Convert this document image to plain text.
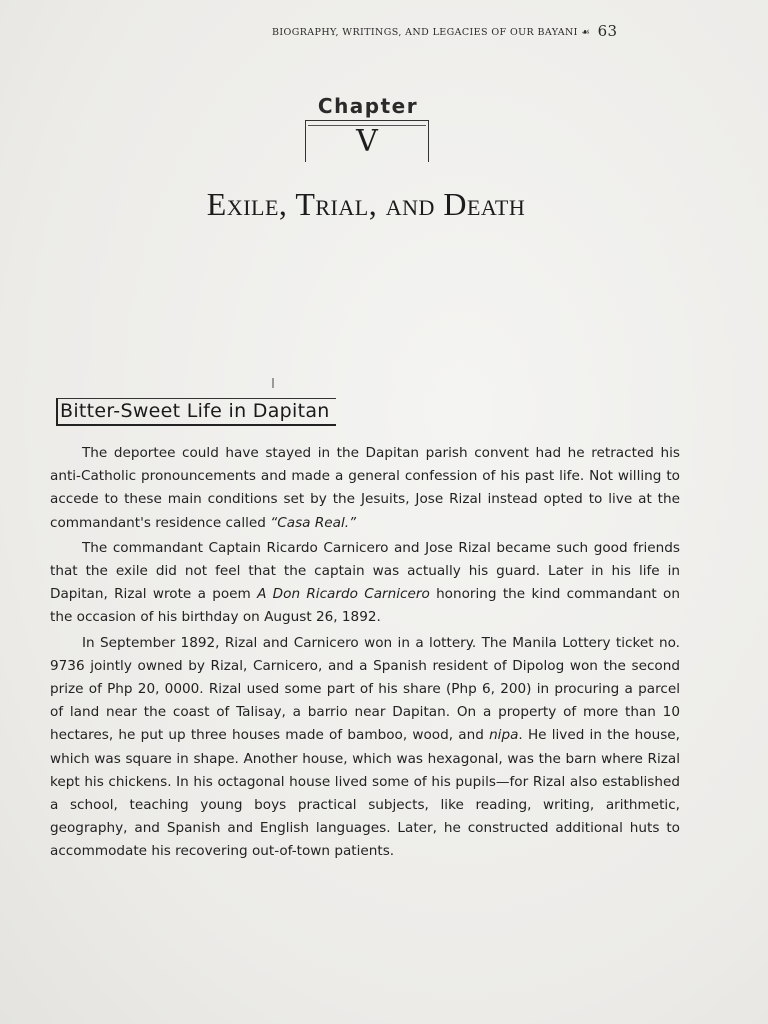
BIOGRAPHY, WRITINGS, AND LEGACIES OF OUR BAYANI ☙ 63
Chapter
V
Exile, Trial, and Death
Bitter-Sweet Life in Dapitan

The deportee could have stayed in the Dapitan parish convent had he retracted his anti-Catholic pronouncements and made a general confession of his past life. Not willing to accede to these main conditions set by the Jesuits, Jose Rizal instead opted to live at the commandant's residence called “Casa Real.”

The commandant Captain Ricardo Carnicero and Jose Rizal became such good friends that the exile did not feel that the captain was actually his guard. Later in his life in Dapitan, Rizal wrote a poem A Don Ricardo Carnicero honoring the kind commandant on the occasion of his birthday on August 26, 1892.

In September 1892, Rizal and Carnicero won in a lottery. The Manila Lottery ticket no. 9736 jointly owned by Rizal, Carnicero, and a Spanish resident of Dipolog won the second prize of Php 20, 0000. Rizal used some part of his share (Php 6, 200) in procuring a parcel of land near the coast of Talisay, a barrio near Dapitan. On a property of more than 10 hectares, he put up three houses made of bamboo, wood, and nipa. He lived in the house, which was square in shape. Another house, which was hexagonal, was the barn where Rizal kept his chickens. In his octagonal house lived some of his pupils—for Rizal also established a school, teaching young boys practical subjects, like reading, writing, arithmetic, geography, and Spanish and English languages. Later, he constructed additional huts to accommodate his recovering out-of-town patients.
